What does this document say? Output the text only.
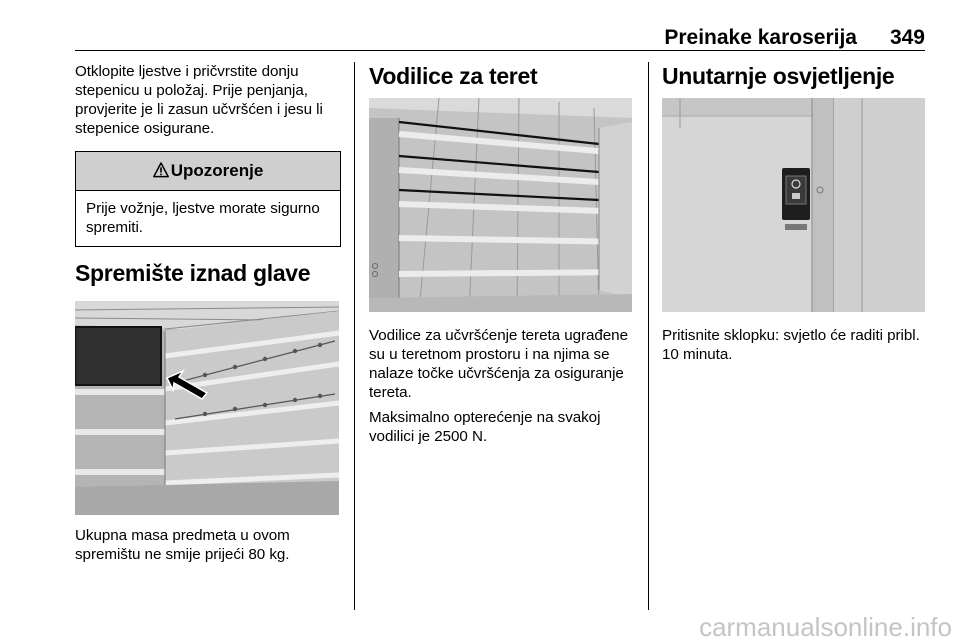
Preinake karoserija 349

Otklopite ljestve i pričvrstite donju stepenicu u položaj. Prije penjanja, provjerite je li zasun učvršćen i jesu li stepenice osigurane.

Upozorenje

Prije vožnje, ljestve morate sigurno spremiti.

Spremište iznad glave

Ukupna masa predmeta u ovom spremištu ne smije prijeći 80 kg.

Vodilice za teret

Vodilice za učvršćenje tereta ugrađene su u teretnom prostoru i na njima se nalaze točke učvršćenja za osiguranje tereta.

Maksimalno opterećenje na svakoj vodilici je 2500 N.

Unutarnje osvjetljenje

Pritisnite sklopku: svjetlo će raditi pribl. 10 minuta.

carmanualsonline.info
